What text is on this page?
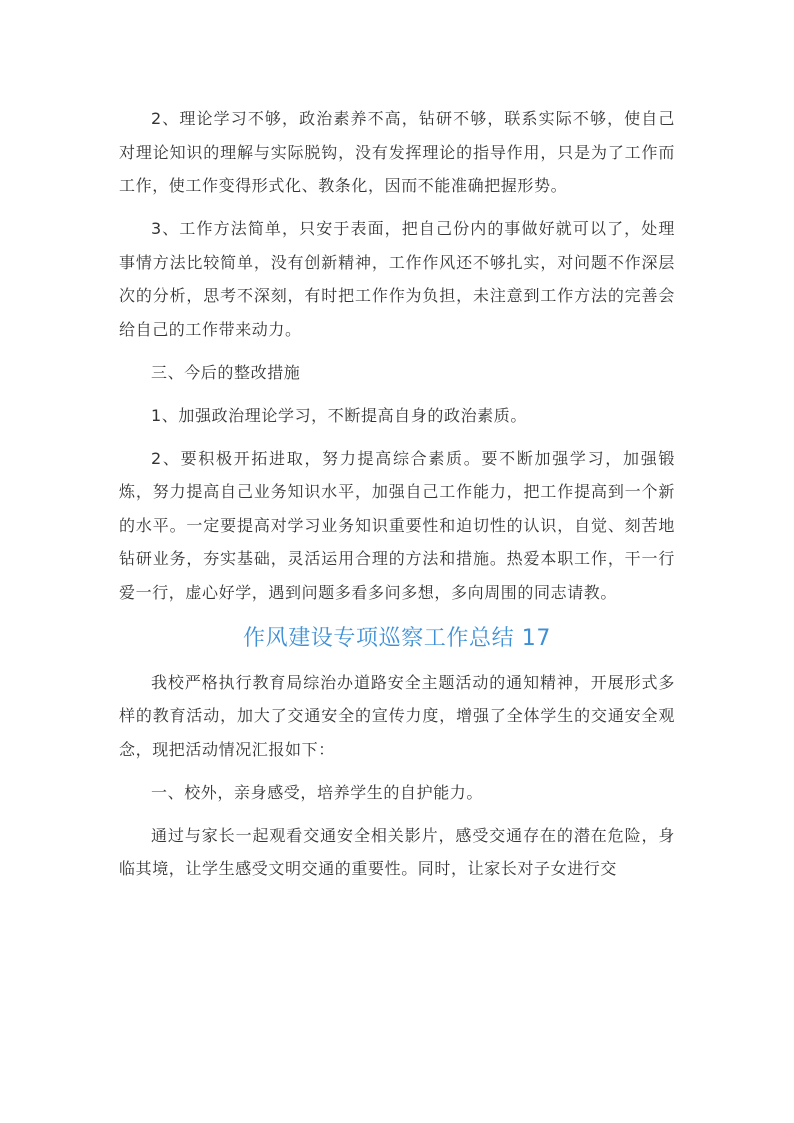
2、理论学习不够，政治素养不高，钻研不够，联系实际不够，使自己对理论知识的理解与实际脱钩，没有发挥理论的指导作用，只是为了工作而工作，使工作变得形式化、教条化，因而不能准确把握形势。

3、工作方法简单，只安于表面，把自己份内的事做好就可以了，处理事情方法比较简单，没有创新精神，工作作风还不够扎实，对问题不作深层次的分析，思考不深刻，有时把工作作为负担，未注意到工作方法的完善会给自己的工作带来动力。

三、今后的整改措施

1、加强政治理论学习，不断提高自身的政治素质。

2、要积极开拓进取，努力提高综合素质。要不断加强学习，加强锻炼，努力提高自己业务知识水平，加强自己工作能力，把工作提高到一个新的水平。一定要提高对学习业务知识重要性和迫切性的认识，自觉、刻苦地钻研业务，夯实基础，灵活运用合理的方法和措施。热爱本职工作，干一行爱一行，虚心好学，遇到问题多看多问多想，多向周围的同志请教。

作风建设专项巡察工作总结 17

我校严格执行教育局综治办道路安全主题活动的通知精神，开展形式多样的教育活动，加大了交通安全的宣传力度，增强了全体学生的交通安全观念，现把活动情况汇报如下：

一、校外，亲身感受，培养学生的自护能力。

通过与家长一起观看交通安全相关影片，感受交通存在的潜在危险，身临其境，让学生感受文明交通的重要性。同时，让家长对子女进行交
